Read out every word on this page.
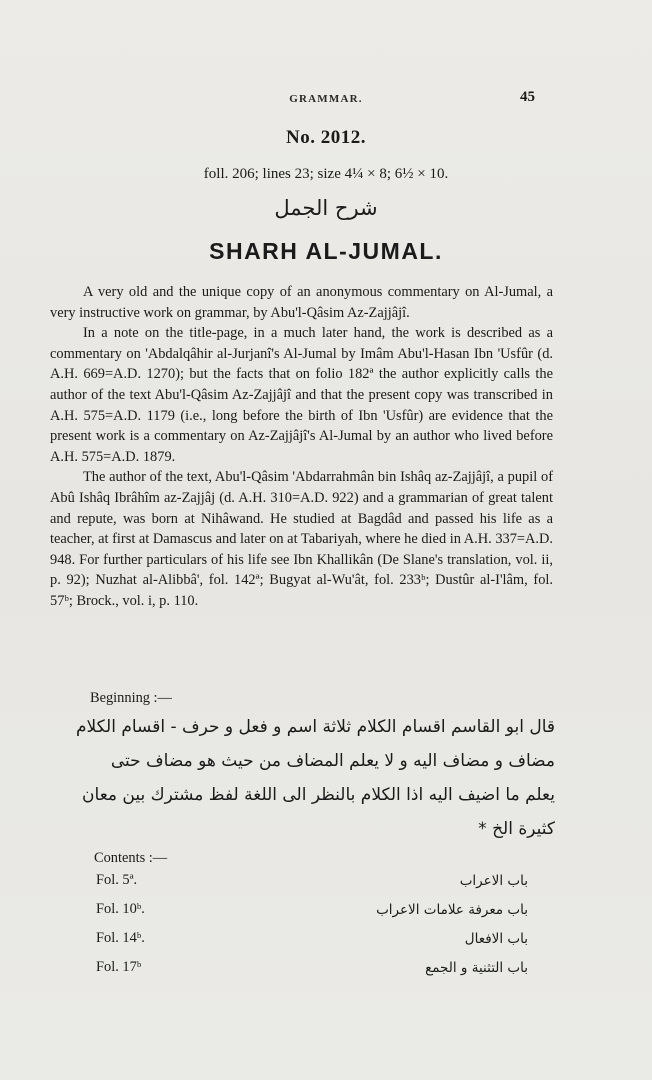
GRAMMAR.	45
No. 2012.
foll. 206; lines 23; size 4¼ × 8; 6½ × 10.
شرح الجمل
SHARH AL-JUMAL.

A very old and the unique copy of an anonymous commentary on Al-Jumal, a very instructive work on grammar, by Abu'l-Qâsim Az-Zajjâjî.

In a note on the title-page, in a much later hand, the work is described as a commentary on 'Abdalqâhir al-Jurjanî's Al-Jumal by Imâm Abu'l-Hasan Ibn 'Usfûr (d. A.H. 669=A.D. 1270); but the facts that on folio 182ª the author explicitly calls the author of the text Abu'l-Qâsim Az-Zajjâjî and that the present copy was transcribed in A.H. 575=A.D. 1179 (i.e., long before the birth of Ibn 'Usfûr) are evidence that the present work is a commentary on Az-Zajjâjî's Al-Jumal by an author who lived before A.H. 575=A.D. 1879.

The author of the text, Abu'l-Qâsim 'Abdarrahmân bin Ishâq az-Zajjâjî, a pupil of Abû Ishâq Ibrâhîm az-Zajjâj (d. A.H. 310=A.D. 922) and a grammarian of great talent and repute, was born at Nihâwand. He studied at Bagdâd and passed his life as a teacher, at first at Damascus and later on at Tabariyah, where he died in A.H. 337=A.D. 948. For further particulars of his life see Ibn Khallikân (De Slane's translation, vol. ii, p. 92); Nuzhat al-Alibbâ', fol. 142ª; Bugyat al-Wu'ât, fol. 233ᵇ; Dustûr al-I'lâm, fol. 57ᵇ; Brock., vol. i, p. 110.

Beginning :—
قال ابو القاسم اقسام الكلام ثلاثة اسم و فعل و حرف - اقسام الكلام
مضاف و مضاف اليه و لا يعلم المضاف من حيث هو مضاف حتى
يعلم ما اضيف اليه اذا الكلام بالنظر الى اللغة لفظ مشترك بين معان
كثيرة الخ *
Contents :—
Fol. 5ª.	باب الاعراب
Fol. 10ᵇ.	باب معرفة علامات الاعراب
Fol. 14ᵇ.	باب الافعال
Fol. 17ᵇ	باب التثنية و الجمع
